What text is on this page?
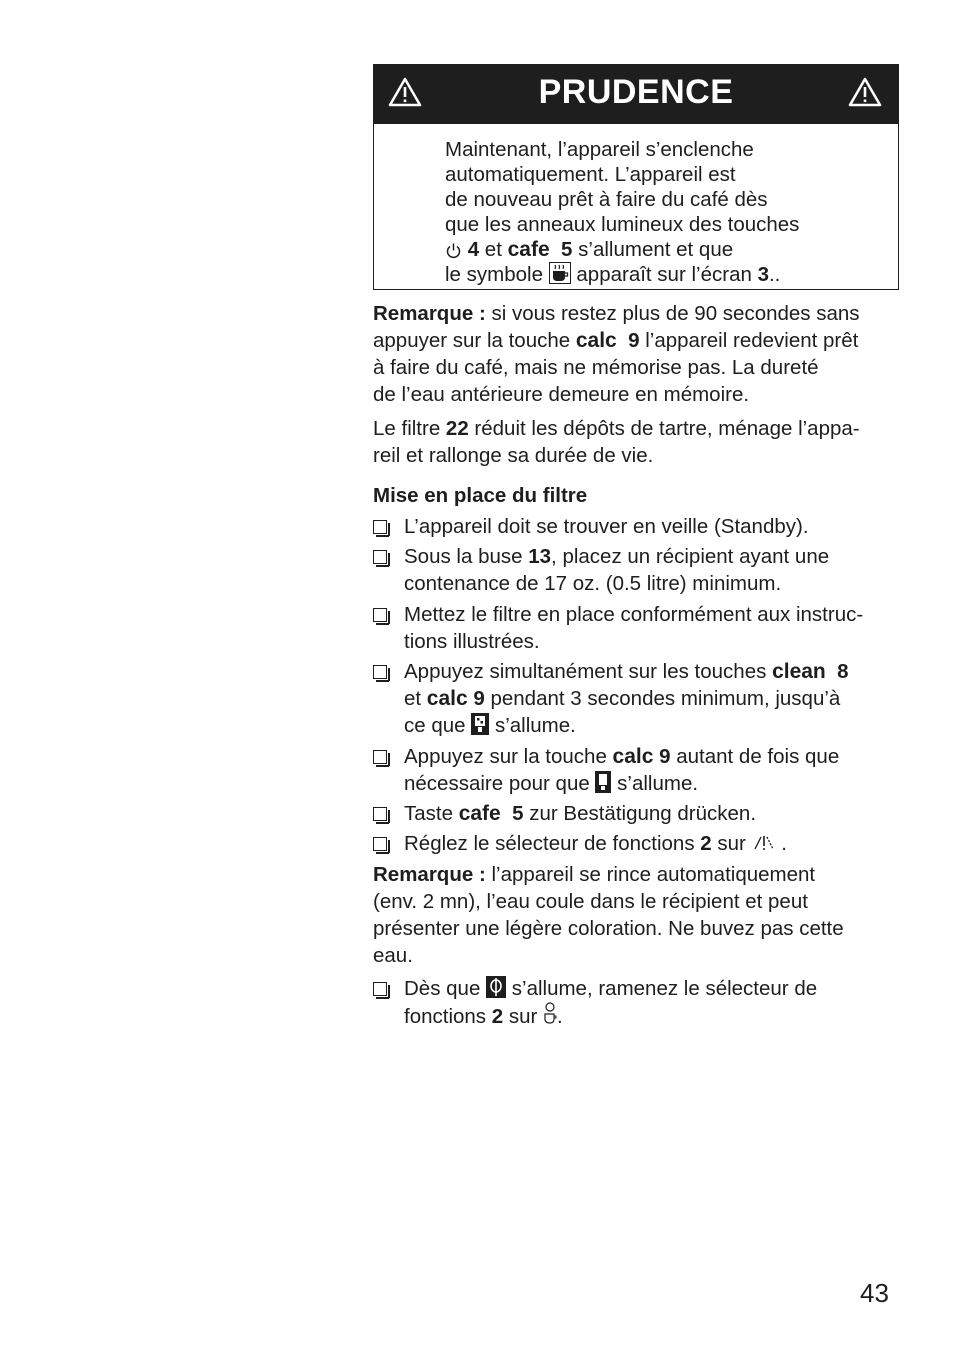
PRUDENCE
Maintenant, l’appareil s’enclenche
automatiquement. L’appareil est
de nouveau prêt à faire du café dès
que les anneaux lumineux des touches
4 et cafe 5 s’allument et que
le symbole  apparaît sur l’écran 3..
Remarque : si vous restez plus de 90 secondes sans
appuyer sur la touche calc 9 l’appareil redevient prêt
à faire du café, mais ne mémorise pas. La dureté
de l’eau antérieure demeure en mémoire.
Le filtre 22 réduit les dépôts de tartre, ménage l’appa-
reil et rallonge sa durée de vie.
Mise en place du filtre
L’appareil doit se trouver en veille (Standby).
Sous la buse 13, placez un récipient ayant une
contenance de 17 oz. (0.5 litre) minimum.
Mettez le filtre en place conformément aux instruc-
tions illustrées.
Appuyez simultanément sur les touches clean 8
et calc 9 pendant 3 secondes minimum, jusqu’à
ce que  s’allume.
Appuyez sur la touche calc 9 autant de fois que
nécessaire pour que  s’allume.
Taste cafe 5 zur Bestätigung drücken.
Réglez le sélecteur de fonctions 2 sur  .
Remarque : l’appareil se rince automatiquement
(env. 2 mn), l’eau coule dans le récipient et peut
présenter une légère coloration. Ne buvez pas cette
eau.
Dès que  s’allume, ramenez le sélecteur de
fonctions 2 sur .
43
